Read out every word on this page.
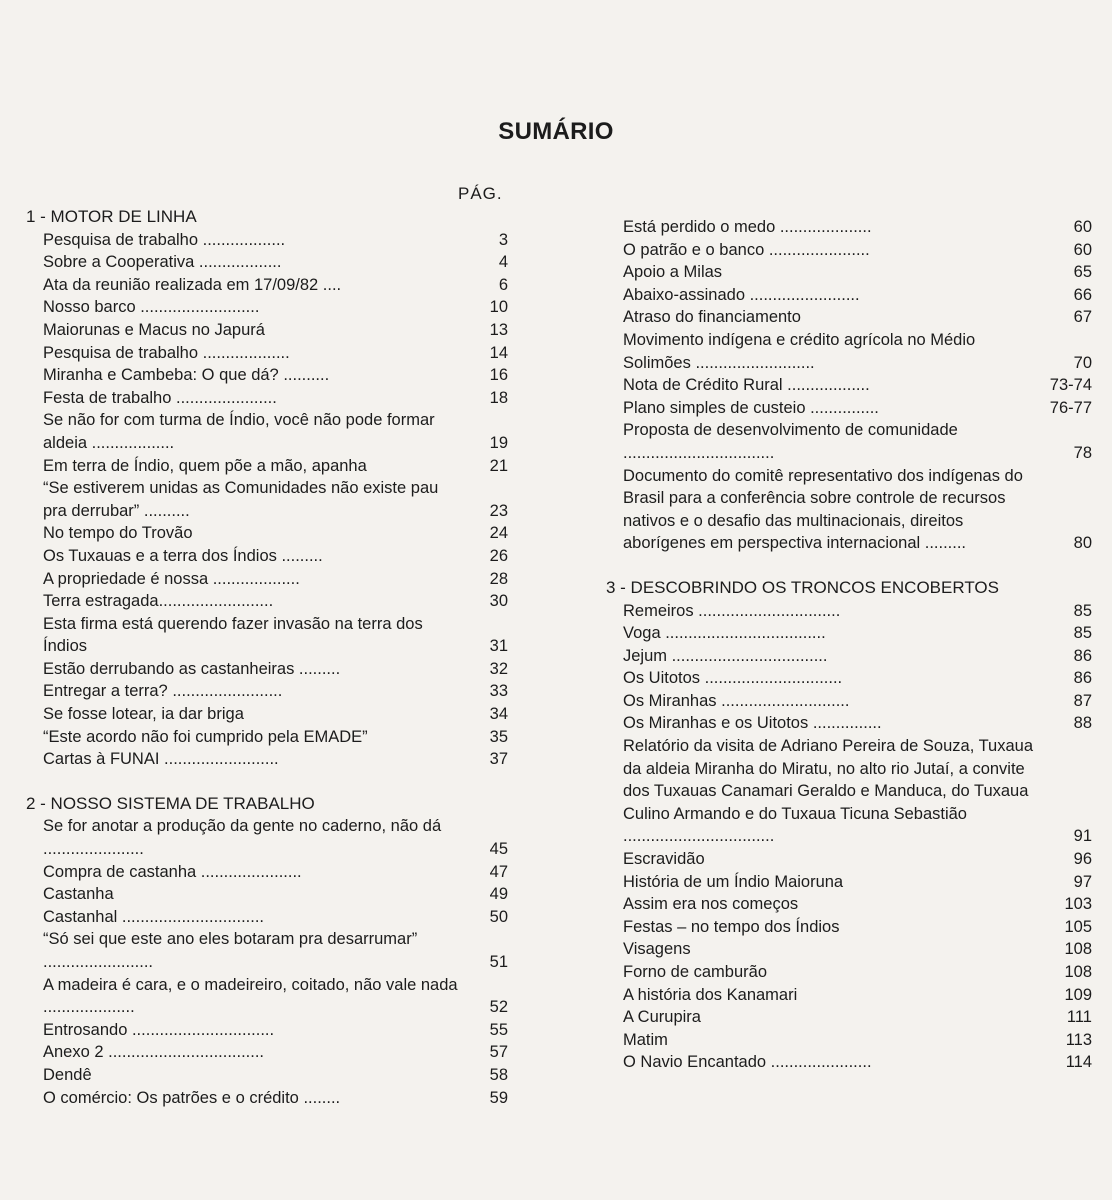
SUMÁRIO
PÁG.
1 - MOTOR DE LINHA
Pesquisa de trabalho ..................	3
Sobre a Cooperativa ..................	4
Ata da reunião realizada em 17/09/82 ....	6
Nosso barco ..........................	10
Maiorunas e Macus no Japurá	13
Pesquisa de trabalho ...................	14
Miranha e Cambeba: O que dá? ..........	16
Festa de trabalho ......................	18
Se não for com turma de Índio, você não pode formar aldeia ..................	19
Em terra de Índio, quem põe a mão, apanha	21
“Se estiverem unidas as Comunidades não existe pau pra derrubar” ..........	23
No tempo do Trovão	24
Os Tuxauas e a terra dos Índios .........	26
A propriedade é nossa ...................	28
Terra estragada.........................	30
Esta firma está querendo fazer invasão na terra dos Índios	31
Estão derrubando as castanheiras .........	32
Entregar a terra? ........................	33
Se fosse lotear, ia dar briga	34
“Este acordo não foi cumprido pela EMADE”	35
Cartas à FUNAI .........................	37
2 - NOSSO SISTEMA DE TRABALHO
Se for anotar a produção da gente no caderno, não dá ......................	45
Compra de castanha ......................	47
Castanha	49
Castanhal ...............................	50
“Só sei que este ano eles botaram pra desarrumar” ........................	51
A madeira é cara, e o madeireiro, coitado, não vale nada ....................	52
Entrosando ...............................	55
Anexo 2 ..................................	57
Dendê	58
O comércio: Os patrões e o crédito ........	59
Está perdido o medo ....................	60
O patrão e o banco ......................	60
Apoio a Milas	65
Abaixo-assinado ........................	66
Atraso do financiamento	67
Movimento indígena e crédito agrícola no Médio Solimões ..........................	70
Nota de Crédito Rural ..................	73-74
Plano simples de custeio ...............	76-77
Proposta de desenvolvimento de comunidade .................................	78
Documento do comitê representativo dos indígenas do Brasil para a conferência sobre controle de recursos nativos e o desafio das multinacionais, direitos aborígenes em perspectiva internacional .........	80
3 - DESCOBRINDO OS TRONCOS ENCOBERTOS
Remeiros ...............................	85
Voga ...................................	85
Jejum ..................................	86
Os Uitotos ..............................	86
Os Miranhas ............................	87
Os Miranhas e os Uitotos ...............	88
Relatório da visita de Adriano Pereira de Souza, Tuxaua da aldeia Miranha do Miratu, no alto rio Jutaí, a convite dos Tuxauas Canamari Geraldo e Manduca, do Tuxaua Culino Armando e do Tuxaua Ticuna Sebastião .................................	91
Escravidão	96
História de um Índio Maioruna	97
Assim era nos começos	103
Festas – no tempo dos Índios	105
Visagens	108
Forno de camburão	108
A história dos Kanamari	109
A Curupira	111
Matim	113
O Navio Encantado ......................	114
